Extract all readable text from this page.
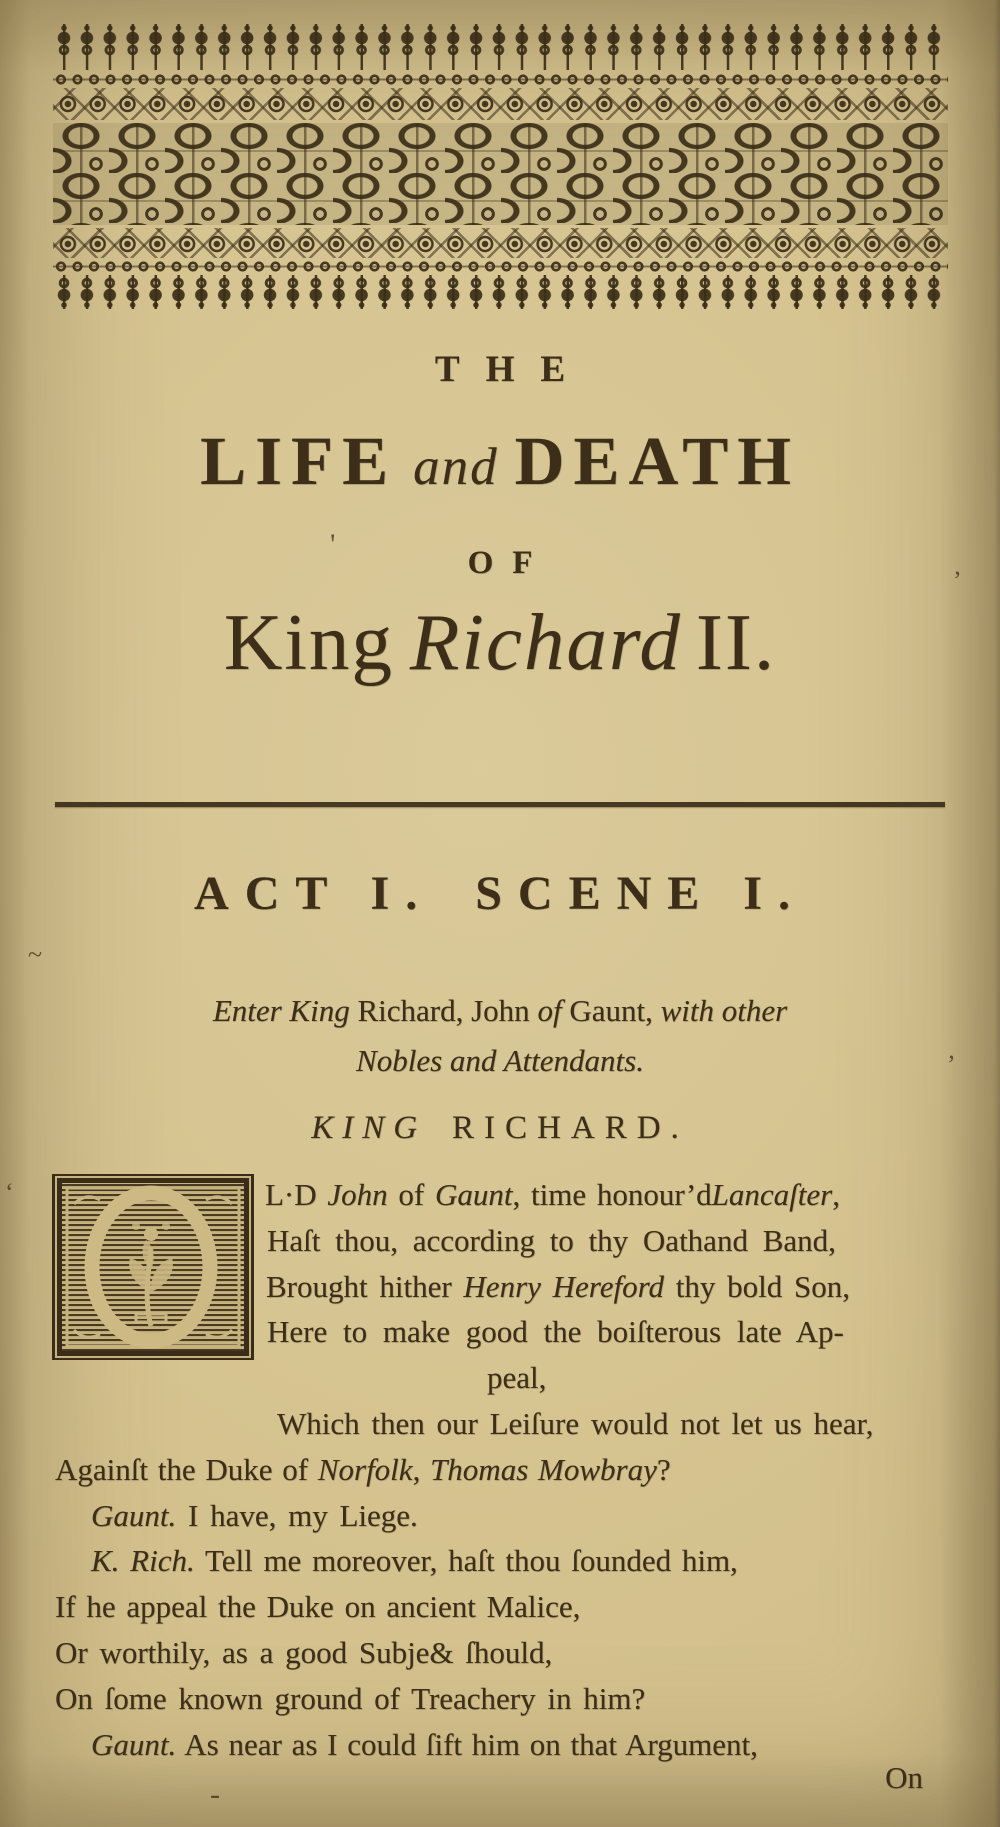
THE
LIFE and DEATH
OF
King Richard II.
ACT I. SCENE I.
Enter King Richard, John of Gaunt, with other
Nobles and Attendants.
KING RICHARD.
L·D John of Gaunt, time honour’dLancaſter,
Haſt thou, according to thy Oathand Band,
Brought hither Henry Hereford thy bold Son,
Here to make good the boiſterous late Ap-
peal,
Which then our Leiſure would not let us hear,
Againſt the Duke of Norfolk, Thomas Mowbray?
Gaunt. I have, my Liege.
K. Rich. Tell me moreover, haſt thou ſounded him,
If he appeal the Duke on ancient Malice,
Or worthily, as a good Subje& ſhould,
On ſome known ground of Treachery in him?
Gaunt. As near as I could ſift him on that Argument,
On
’
’
‘
'
~
-
